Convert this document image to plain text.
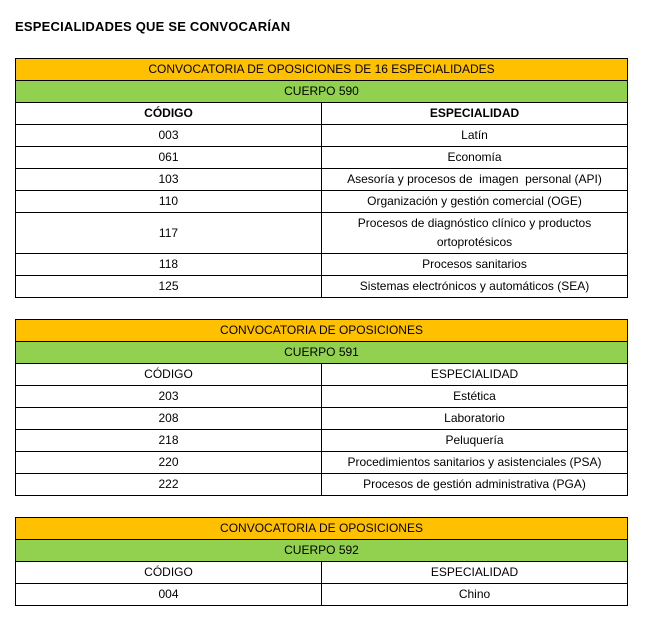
ESPECIALIDADES QUE SE CONVOCARÍAN

CONVOCATORIA DE OPOSICIONES DE 16 ESPECIALIDADES	
CUERPO 590	
CÓDIGO	ESPECIALIDAD
003	Latín
061	Economía
103	Asesoría y procesos de  imagen  personal (API)
110	Organización y gestión comercial (OGE)
117	Procesos de diagnóstico clínico y productos ortoprotésicos
118	Procesos sanitarios
125	Sistemas electrónicos y automáticos (SEA)
CONVOCATORIA DE OPOSICIONES	
CUERPO 591	
CÓDIGO	ESPECIALIDAD
203	Estética
208	Laboratorio
218	Peluquería
220	Procedimientos sanitarios y asistenciales (PSA)
222	Procesos de gestión administrativa (PGA)
CONVOCATORIA DE OPOSICIONES	
CUERPO 592	
CÓDIGO	ESPECIALIDAD
004	Chino
